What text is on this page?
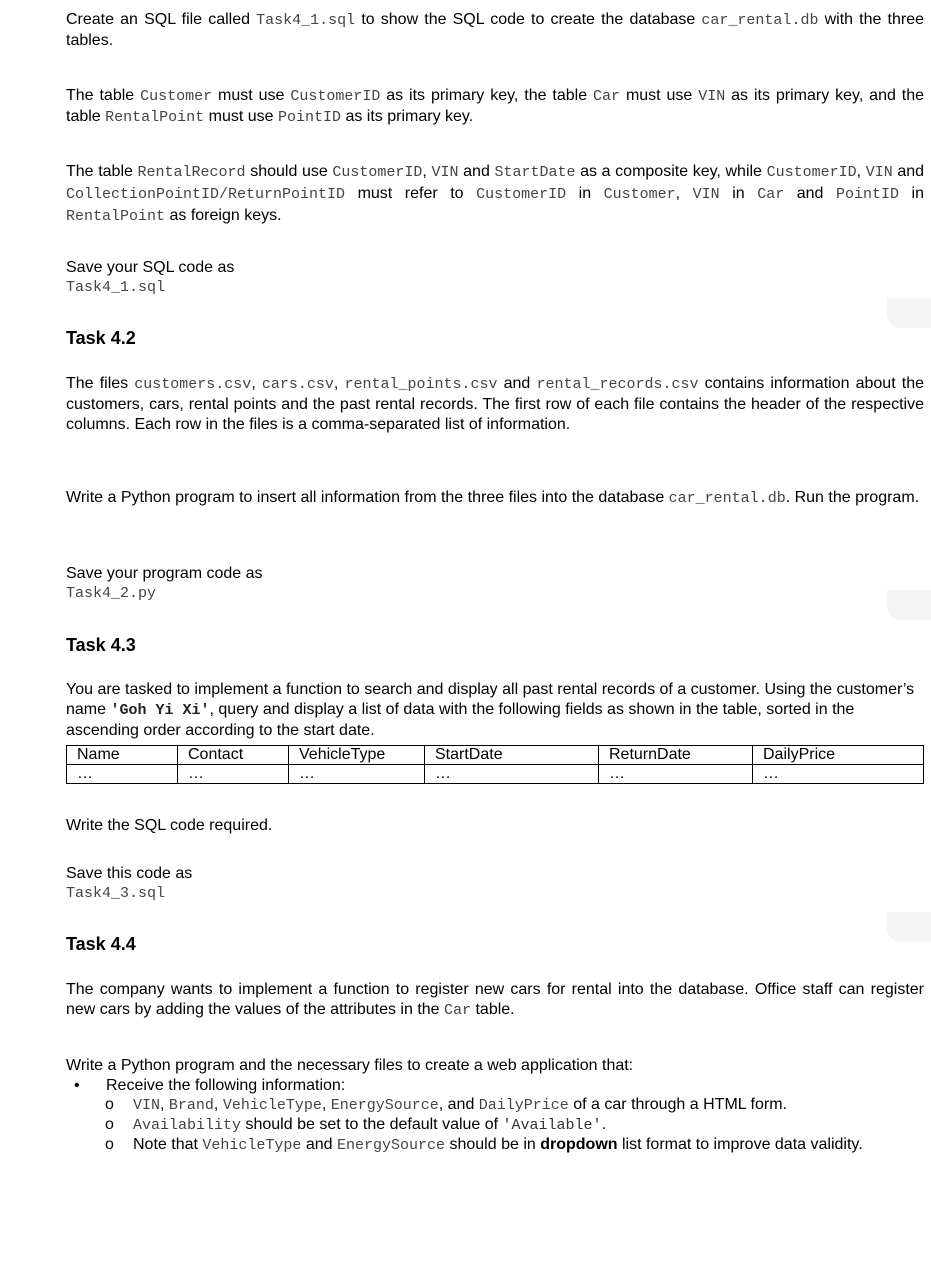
Create an SQL file called Task4_1.sql to show the SQL code to create the database car_rental.db with the three tables.

The table Customer must use CustomerID as its primary key, the table Car must use VIN as its primary key, and the table RentalPoint must use PointID as its primary key.

The table RentalRecord should use CustomerID, VIN and StartDate as a composite key, while CustomerID, VIN and CollectionPointID/ReturnPointID must refer to CustomerID in Customer, VIN in Car and PointID in RentalPoint as foreign keys.

Save your SQL code as

Task4_1.sql

Task 4.2

The files customers.csv, cars.csv, rental_points.csv and rental_records.csv contains information about the customers, cars, rental points and the past rental records. The first row of each file contains the header of the respective columns. Each row in the files is a comma-separated list of information.

Write a Python program to insert all information from the three files into the database car_rental.db. Run the program.

Save your program code as

Task4_2.py

Task 4.3

You are tasked to implement a function to search and display all past rental records of a customer. Using the customer’s name 'Goh Yi Xi', query and display a list of data with the following fields as shown in the table, sorted in the ascending order according to the start date.

Name	Contact	VehicleType	StartDate	ReturnDate	DailyPrice
…	…	…	…	…	…

Write the SQL code required.

Save this code as

Task4_3.sql

Task 4.4

The company wants to implement a function to register new cars for rental into the database. Office staff can register new cars by adding the values of the attributes in the Car table.

Write a Python program and the necessary files to create a web application that:

• Receive the following information:
o VIN, Brand, VehicleType, EnergySource, and DailyPrice of a car through a HTML form.
o Availability should be set to the default value of 'Available'.
o Note that VehicleType and EnergySource should be in dropdown list format to improve data validity.
